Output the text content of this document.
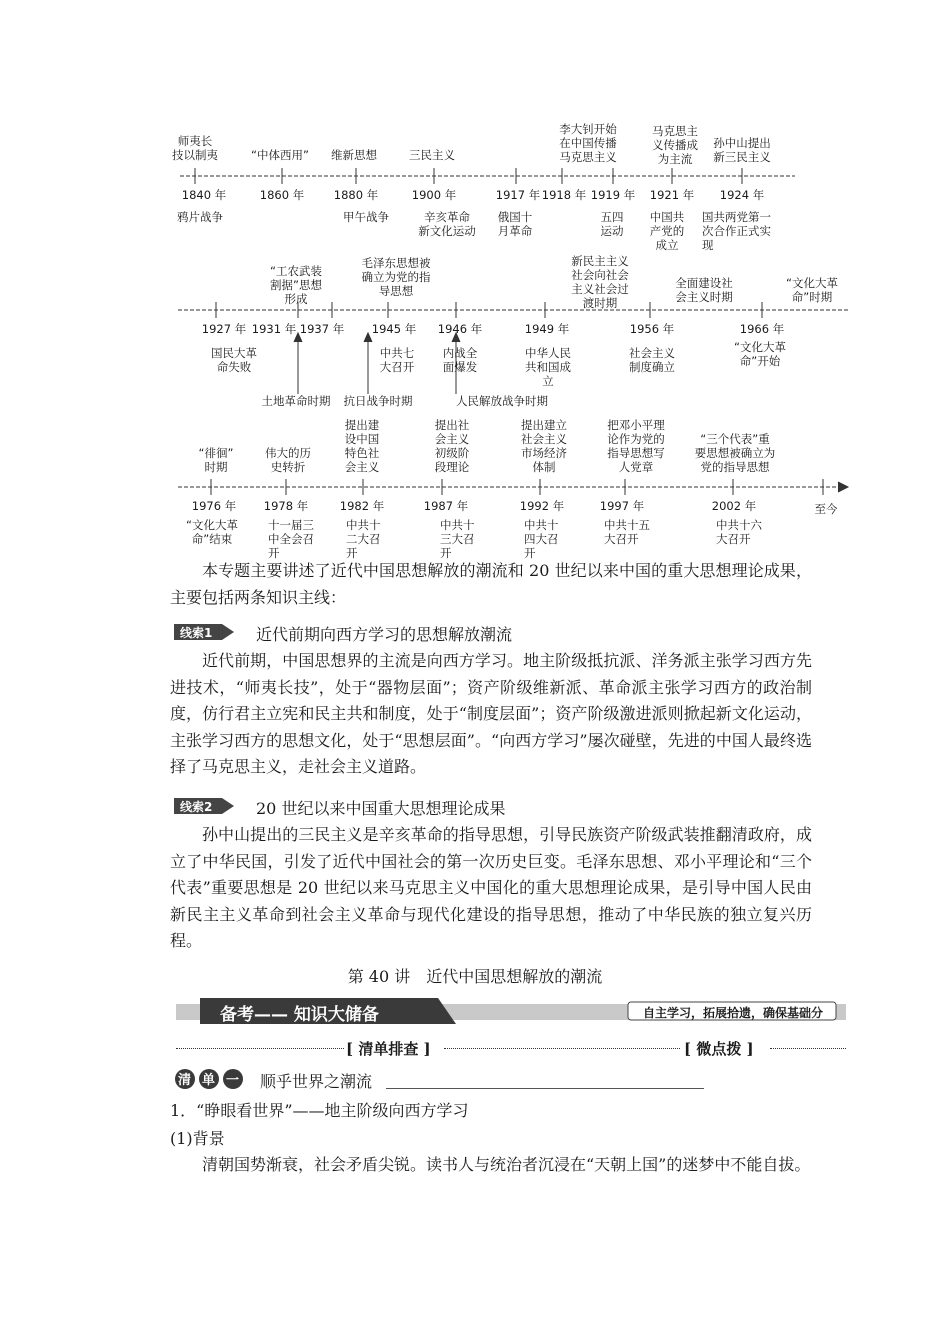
师夷长
技以制夷	“中体西用” 维新思想	三民主义
李大钊开始
在中国传播
马克思主义
马克思主
义传播成
为主流
孙中山提出
新三民主义
1840 年	1860 年	1880 年	1900 年	1917 年 1918 年 1919 年 1921 年 1924 年
鸦片战争	甲午战争	辛亥革命
新文化运动
俄国十
月革命
五四
运动
中国共
产党的
成立
国共两党第一
次合作正式实
现
“工农武装
割据”思想
形成
毛泽东思想被
确立为党的指
导思想
新民主主义
社会向社会
主义社会过
渡时期
全面建设社
会主义时期
“文化大革
命”时期
1927 年 1931 年 1937 年 1945 年 1946 年	1949 年	1956 年	1966 年
国民大革
命失败
中共七
大召开
内战全
面爆发
中华人民
共和国成
立
社会主义
制度确立
“文化大革
命”开始
土地革命时期 抗日战争时期	人民解放战争时期
“徘徊”
时期
伟大的历
史转折
提出建
设中国
特色社
会主义
提出社
会主义
初级阶
段理论
提出建立
社会主义
市场经济
体制
把邓小平理
论作为党的
指导思想写
人党章
“三个代表”重
要思想被确立为
党的指导思想
1976 年 1978 年	1982 年	1987 年	1992 年	1997 年	2002 年	至今
“文化大革
命”结束
十一届三
中全会召
开
中共十
二大召
开
中共十
三大召
开
中共十
四大召
开
中共十五
大召开
中共十六
大召开
本专题主要讲述了近代中国思想解放的潮流和 20 世纪以来中国的重大思想理论成果，主要包括两条知识主线：
线索1	近代前期向西方学习的思想解放潮流
近代前期，中国思想界的主流是向西方学习。地主阶级抵抗派、洋务派主张学习西方先进技术，“师夷长技”，处于“器物层面”；资产阶级维新派、革命派主张学习西方的政治制度，仿行君主立宪和民主共和制度，处于“制度层面”；资产阶级激进派则掀起新文化运动，主张学习西方的思想文化，处于“思想层面”。“向西方学习”屡次碰壁，先进的中国人最终选择了马克思主义，走社会主义道路。
线索2	20 世纪以来中国重大思想理论成果
孙中山提出的三民主义是辛亥革命的指导思想，引导民族资产阶级武装推翻清政府，成立了中华民国，引发了近代中国社会的第一次历史巨变。毛泽东思想、邓小平理论和“三个代表”重要思想是 20 世纪以来马克思主义中国化的重大思想理论成果，是引导中国人民由新民主主义革命到社会主义革命与现代化建设的指导思想，推动了中华民族的独立复兴历程。
第 40 讲　近代中国思想解放的潮流
备考—— 知识大储备	自主学习，拓展拾遗，确保基础分
[ 清单排查 ]	[ 微点拨 ]
清 单 一 顺乎世界之潮流
1．“睁眼看世界”——地主阶级向西方学习
(1)背景
清朝国势渐衰，社会矛盾尖锐。读书人与统治者沉浸在“天朝上国”的迷梦中不能自拔。
